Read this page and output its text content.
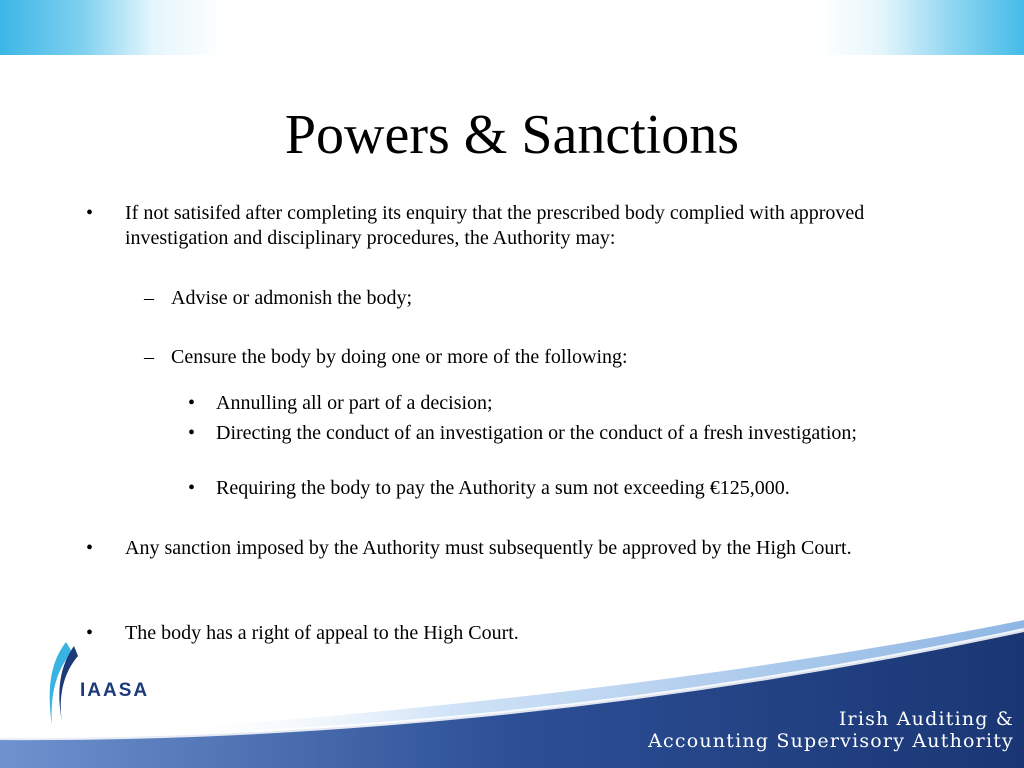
Powers & Sanctions
• If not satisifed after completing its enquiry that the prescribed body complied with approved investigation and disciplinary procedures, the Authority may:
– Advise or admonish the body;
– Censure the body by doing one or more of the following:
• Annulling all or part of a decision;
• Directing the conduct of an investigation or the conduct of a fresh investigation;
• Requiring the body to pay the Authority a sum not exceeding €125,000.
• Any sanction imposed by the Authority must subsequently be approved by the High Court.
• The body has a right of appeal to the High Court.
IAASA
Irish Auditing &
Accounting Supervisory Authority
